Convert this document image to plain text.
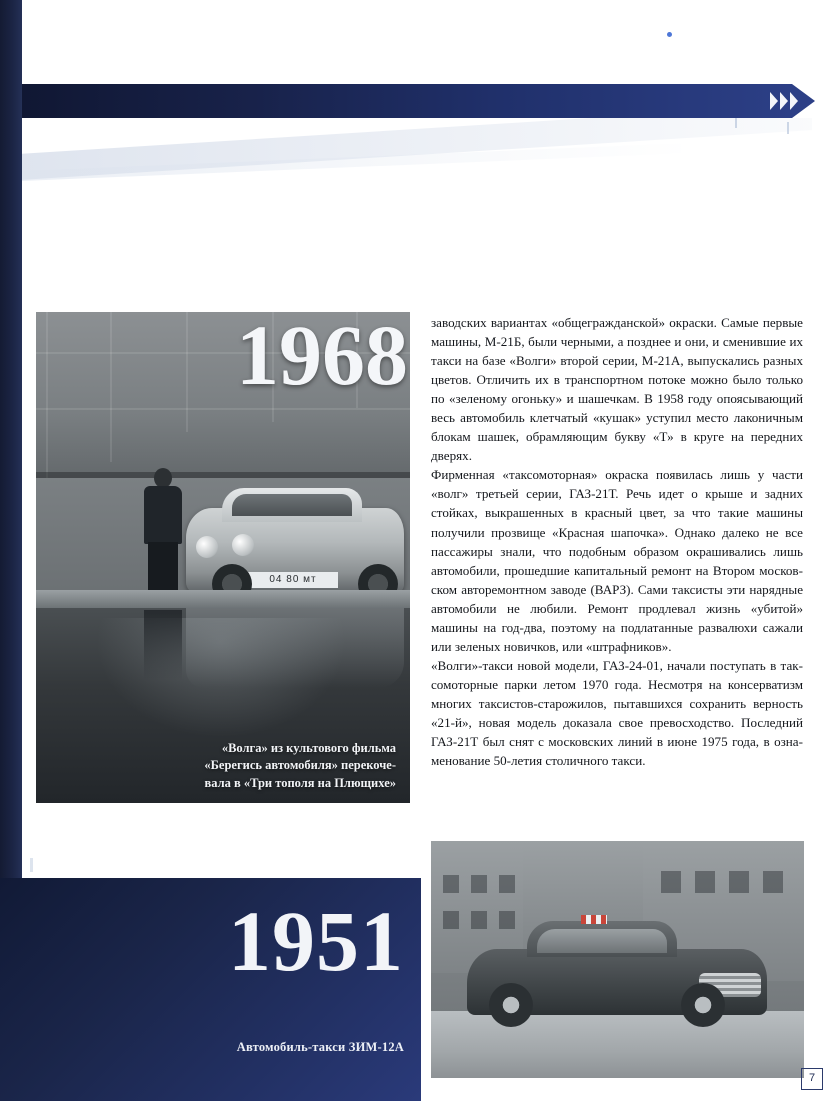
04 80 мт
1968
«Волга» из культового фильма
«Берегись автомобиля» перекоче-
вала в «Три тополя на Плющихе»

заводских вариантах «общегражданской» окраски. Самые первые машины, М-21Б, были черными, а позднее и они, и сменившие их такси на базе «Волги» второй серии, М-21А, выпускались разных цветов. Отличить их в транспортном потоке можно было только по «зеленому огоньку» и шашечкам. В 1958 году опоясывающий весь автомобиль клетчатый «кушак» уступил место лаконичным блокам шашек, обрамляющим букву «Т» в круге на передних дверях.

Фирменная «таксомоторная» окраска появилась лишь у части «волг» третьей серии, ГАЗ-21Т. Речь идет о крыше и задних стойках, выкрашенных в красный цвет, за что такие машины получили прозвище «Красная шапочка». Однако далеко не все пассажиры знали, что подобным образом окрашивались лишь автомобили, прошедшие капитальный ремонт на Втором московском авторемонтном заводе (ВАРЗ). Сами таксисты эти нарядные автомобили не любили. Ремонт продлевал жизнь «убитой» машины на год-два, поэтому на подлатанные развалюхи сажали или зеленых новичков, или «штрафников».

«Волги»-такси новой модели, ГАЗ-24-01, начали поступать в таксомоторные парки летом 1970 года. Несмотря на консерватизм многих таксистов-старожилов, пытавшихся сохранить верность «21-й», новая модель доказала свое превосходство. Последний ГАЗ-21Т был снят с московских линий в июне 1975 года, в ознаменование 50-летия столичного такси.

1951
Автомобиль-такси ЗИМ-12А
7
